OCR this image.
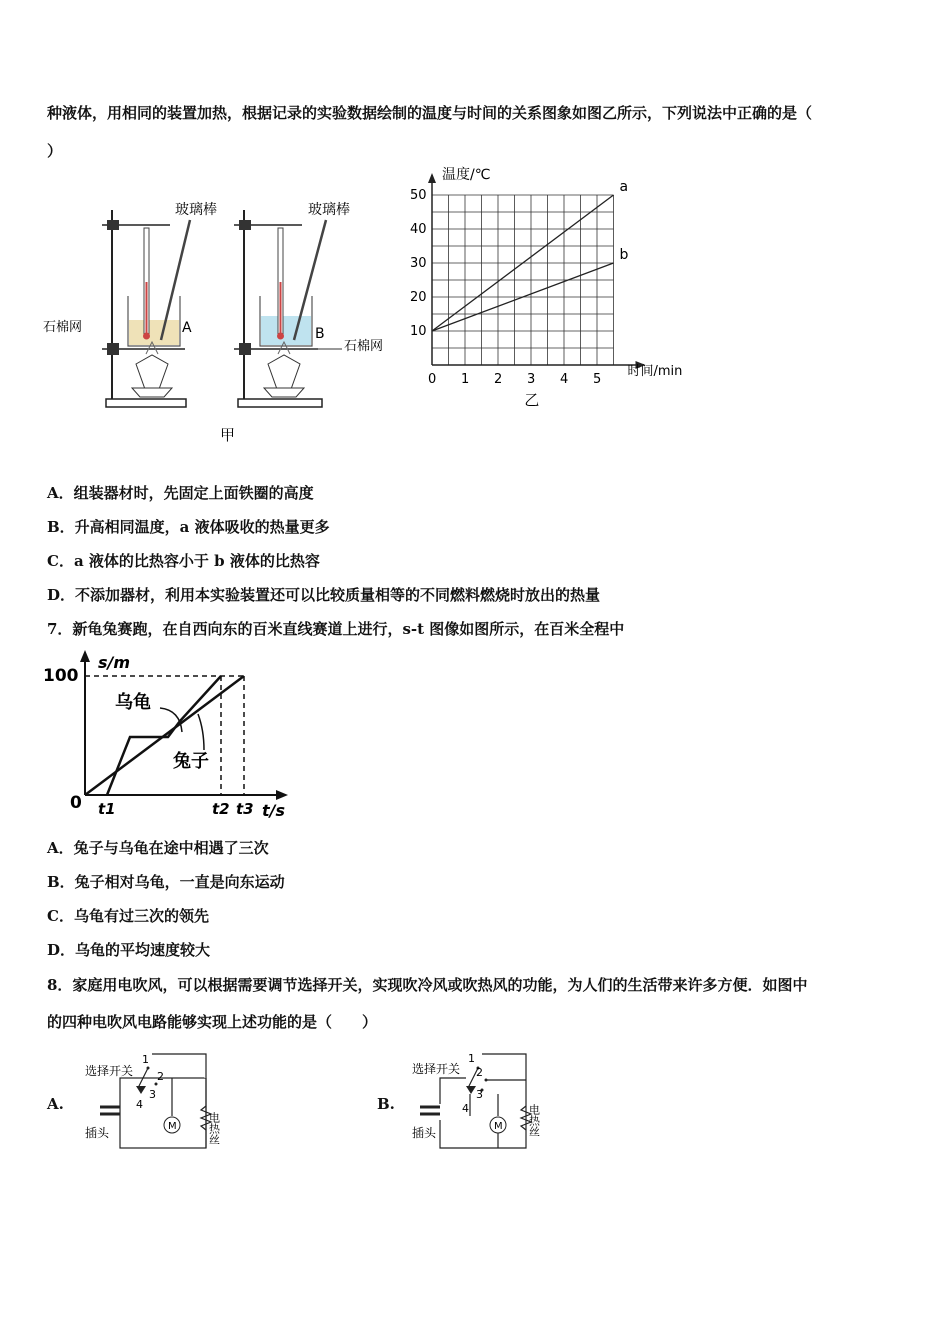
种液体，用相同的装置加热，根据记录的实验数据绘制的温度与时间的关系图象如图乙所示，下列说法中正确的是（
）
玻璃棒
石棉网	A
玻璃棒
石棉网
B
甲
0 1 2 3 4 5
10
20
30
40
50
a
b
温度/℃
时间/min
乙
A．组装器材时，先固定上面铁圈的高度
B．升高相同温度，a 液体吸收的热量更多
C．a 液体的比热容小于 b 液体的比热容
D．不添加器材，利用本实验装置还可以比较质量相等的不同燃料燃烧时放出的热量
7．新龟兔赛跑，在自西向东的百米直线赛道上进行，s-t 图像如图所示，在百米全程中
100
0
s/m
t/s
t1	t2 t3
乌龟
兔子
A．兔子与乌龟在途中相遇了三次
B．兔子相对乌龟，一直是向东运动
C．乌龟有过三次的领先
D．乌龟的平均速度较大
8．家庭用电吹风，可以根据需要调节选择开关，实现吹冷风或吹热风的功能，为人们的生活带来许多方便．如图中
的四种电吹风电路能够实现上述功能的是（　　）
A.
选择开关
插头	M
1
2
3
4
电热丝
B.
选择开关
插头	M
1
2
3
4	电热丝
